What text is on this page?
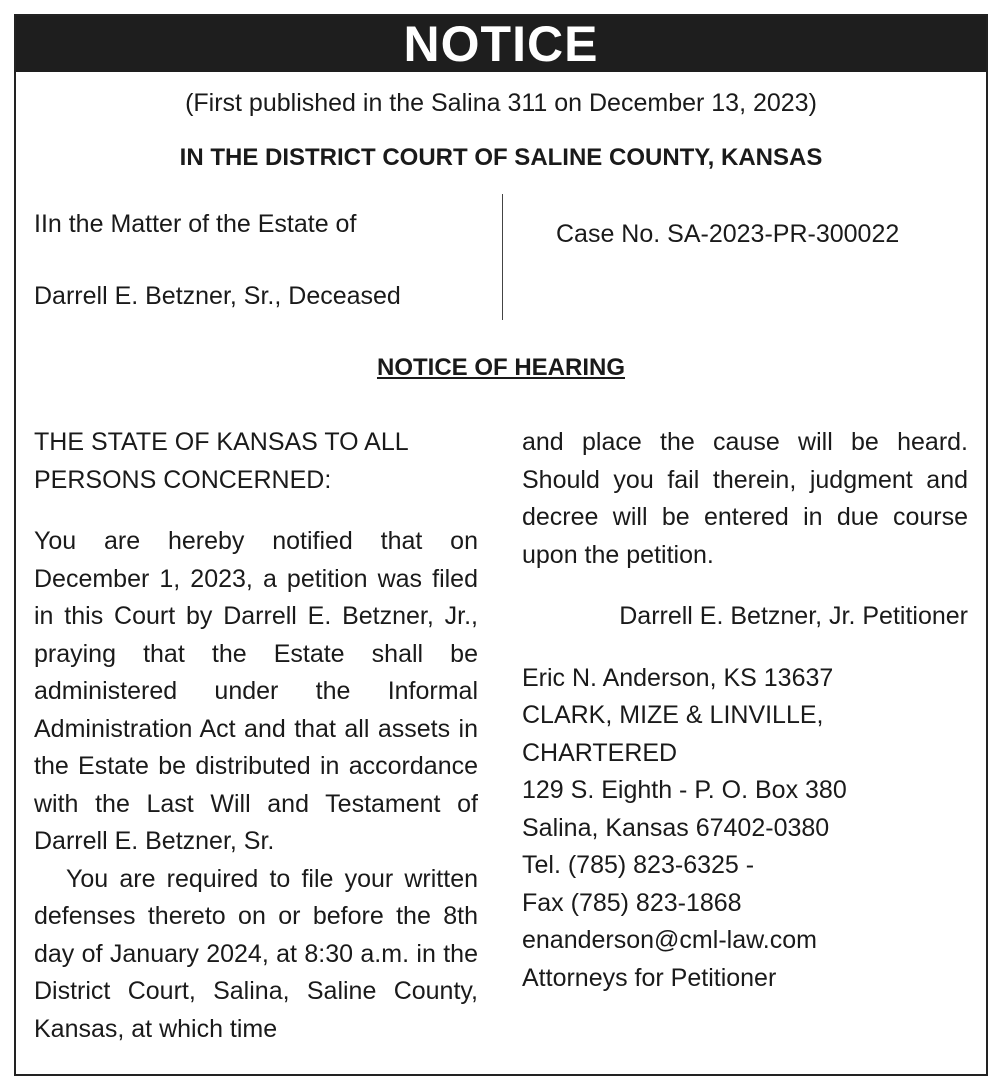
NOTICE
(First published in the Salina 311 on December 13, 2023)
IN THE DISTRICT COURT OF SALINE COUNTY, KANSAS
IIn the Matter of the Estate of
Darrell E. Betzner, Sr., Deceased
Case No. SA-2023-PR-300022
NOTICE OF HEARING

THE STATE OF KANSAS TO ALL PERSONS CONCERNED:

You are hereby notified that on December 1, 2023, a petition was filed in this Court by Darrell E. Betzner, Jr., praying that the Estate shall be administered under the Informal Administration Act and that all assets in the Estate be distributed in accordance with the Last Will and Testament of Darrell E. Betzner, Sr.

You are required to file your written defenses thereto on or before the 8th day of January 2024, at 8:30 a.m. in the District Court, Salina, Saline County, Kansas, at which time

and place the cause will be heard. Should you fail therein, judgment and decree will be entered in due course upon the petition.

Darrell E. Betzner, Jr. Petitioner

Eric N. Anderson, KS 13637

CLARK, MIZE & LINVILLE,

CHARTERED

129 S. Eighth - P. O. Box 380

Salina, Kansas 67402-0380

Tel. (785) 823-6325 -

Fax (785) 823-1868

enanderson@cml-law.com

Attorneys for Petitioner
